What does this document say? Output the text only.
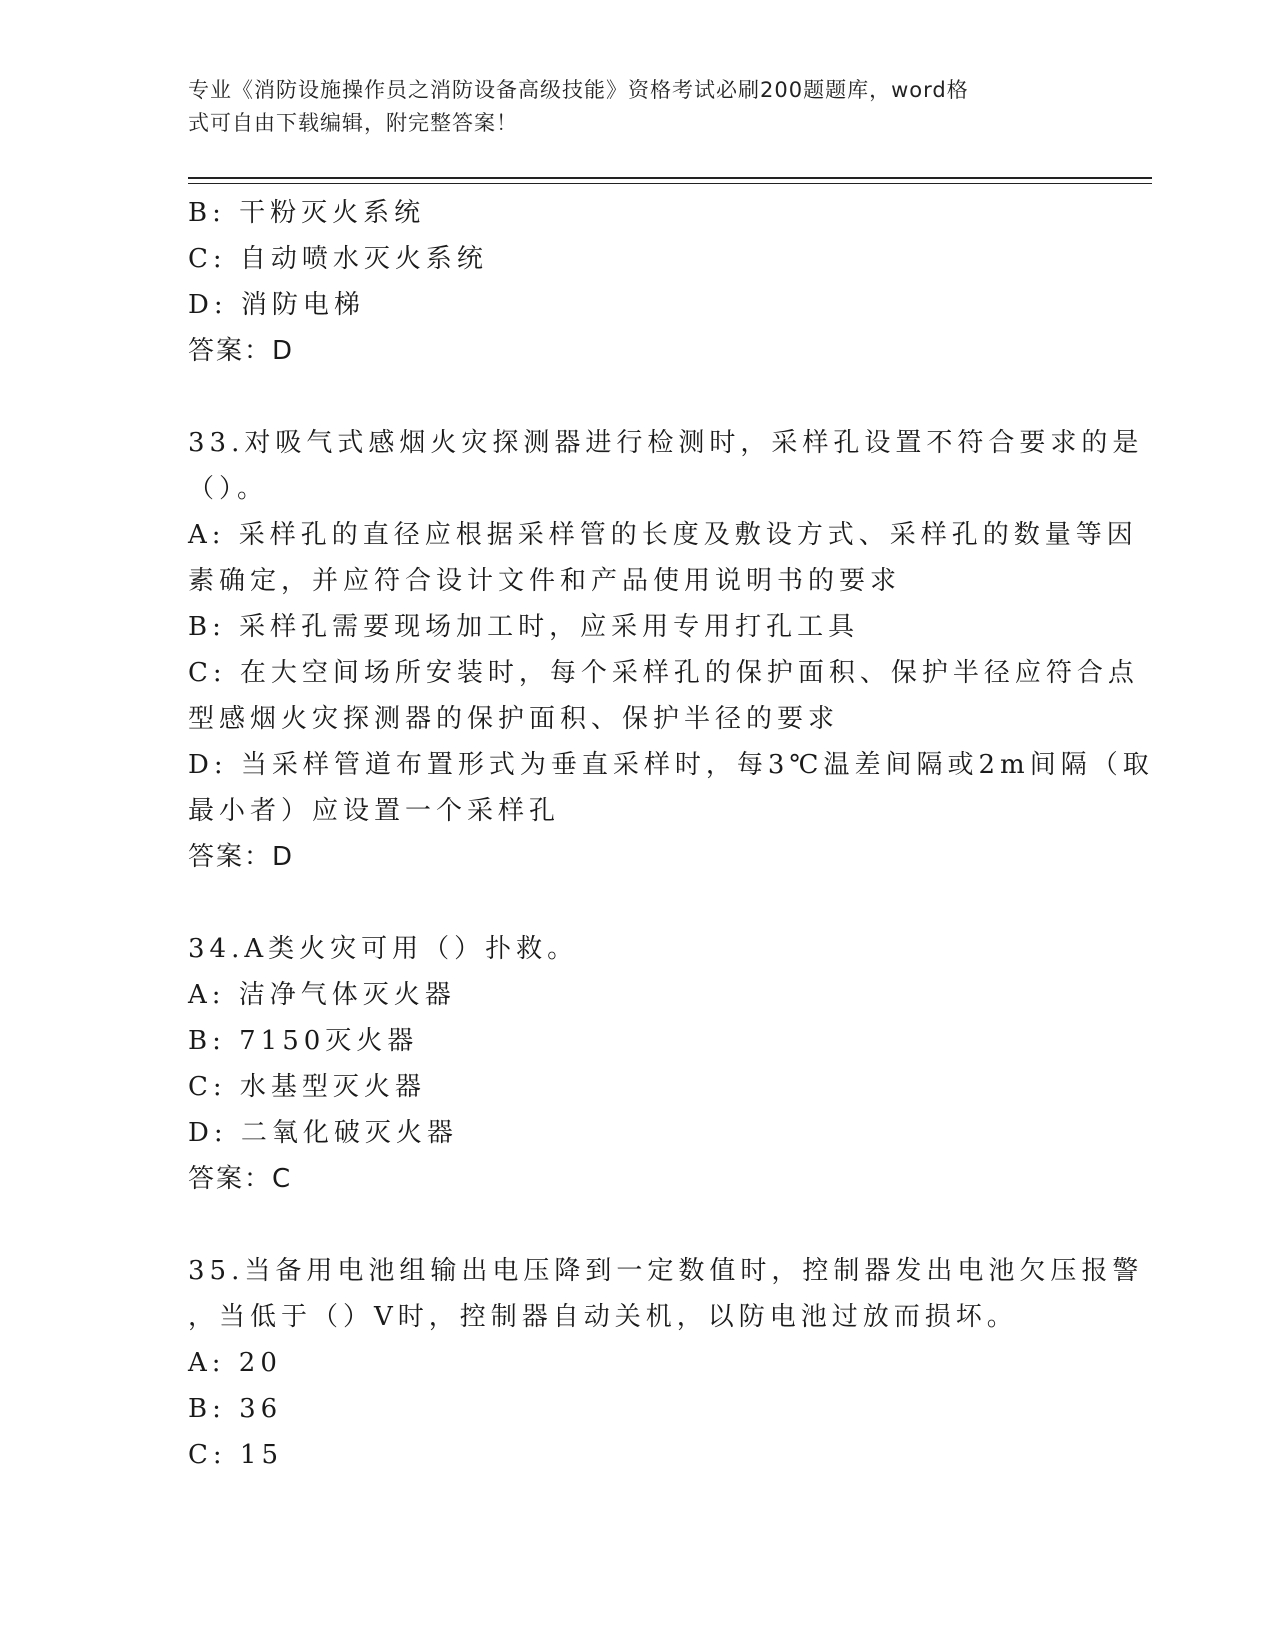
专业《消防设施操作员之消防设备高级技能》资格考试必刷200题题库，word格
式可自由下载编辑，附完整答案！
B: 干粉灭火系统
C: 自动喷水灭火系统
D: 消防电梯
答案：D
33.对吸气式感烟火灾探测器进行检测时，采样孔设置不符合要求的是
（）。
A: 采样孔的直径应根据采样管的长度及敷设方式、采样孔的数量等因
素确定，并应符合设计文件和产品使用说明书的要求
B: 采样孔需要现场加工时，应采用专用打孔工具
C: 在大空间场所安装时，每个采样孔的保护面积、保护半径应符合点
型感烟火灾探测器的保护面积、保护半径的要求
D: 当采样管道布置形式为垂直采样时，每3℃温差间隔或2m间隔（取
最小者）应设置一个采样孔
答案：D
34.A类火灾可用（）扑救。
A: 洁净气体灭火器
B: 7150灭火器
C: 水基型灭火器
D: 二氧化破灭火器
答案：C
35.当备用电池组输出电压降到一定数值时，控制器发出电池欠压报警
，当低于（）V时，控制器自动关机，以防电池过放而损坏。
A: 20
B: 36
C: 15
